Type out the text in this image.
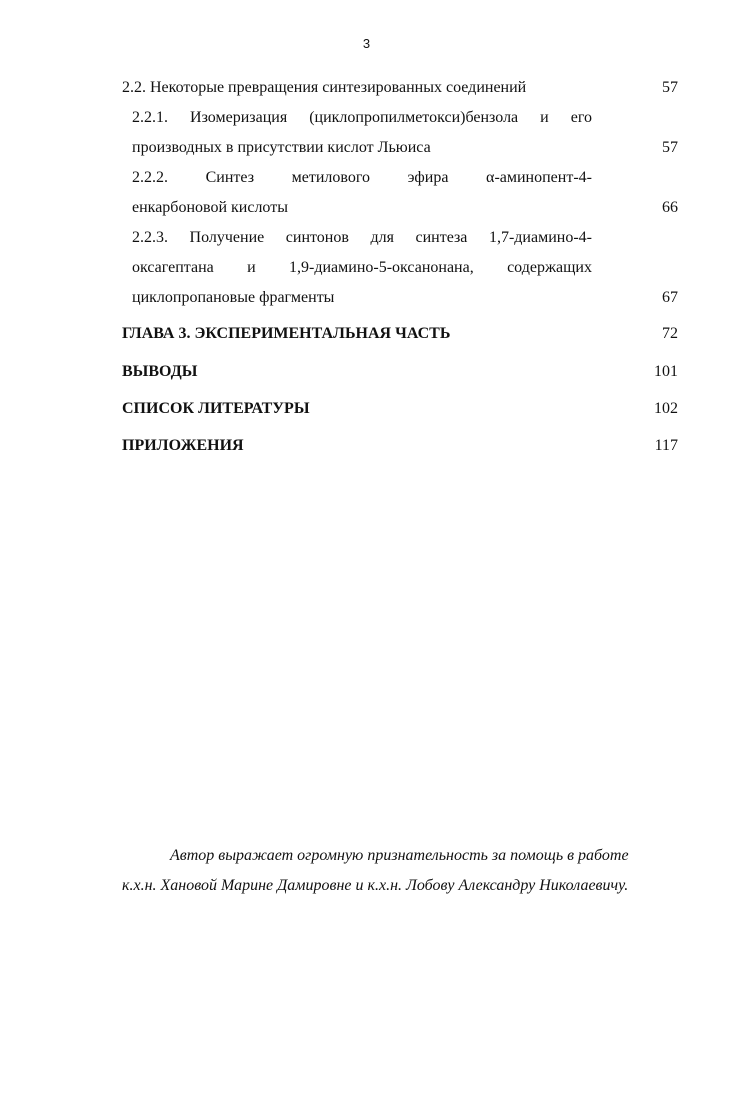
3
2.2. Некоторые превращения синтезированных соединений	57
2.2.1. Изомеризация (циклопропилметокси)бензола и его
производных в присутствии кислот Льюиса	57
2.2.2. Синтез метилового эфира α-аминопент-4-
енкарбоновой кислоты	66
2.2.3. Получение синтонов для синтеза 1,7-диамино-4-
оксагептана и 1,9-диамино-5-оксанонана, содержащих
циклопропановые фрагменты	67
ГЛАВА 3. ЭКСПЕРИМЕНТАЛЬНАЯ ЧАСТЬ	72
ВЫВОДЫ	101
СПИСОК ЛИТЕРАТУРЫ	102
ПРИЛОЖЕНИЯ	117
Автор выражает огромную признательность за помощь в работе
к.х.н. Хановой Марине Дамировне и к.х.н. Лобову Александру Николаевичу.
